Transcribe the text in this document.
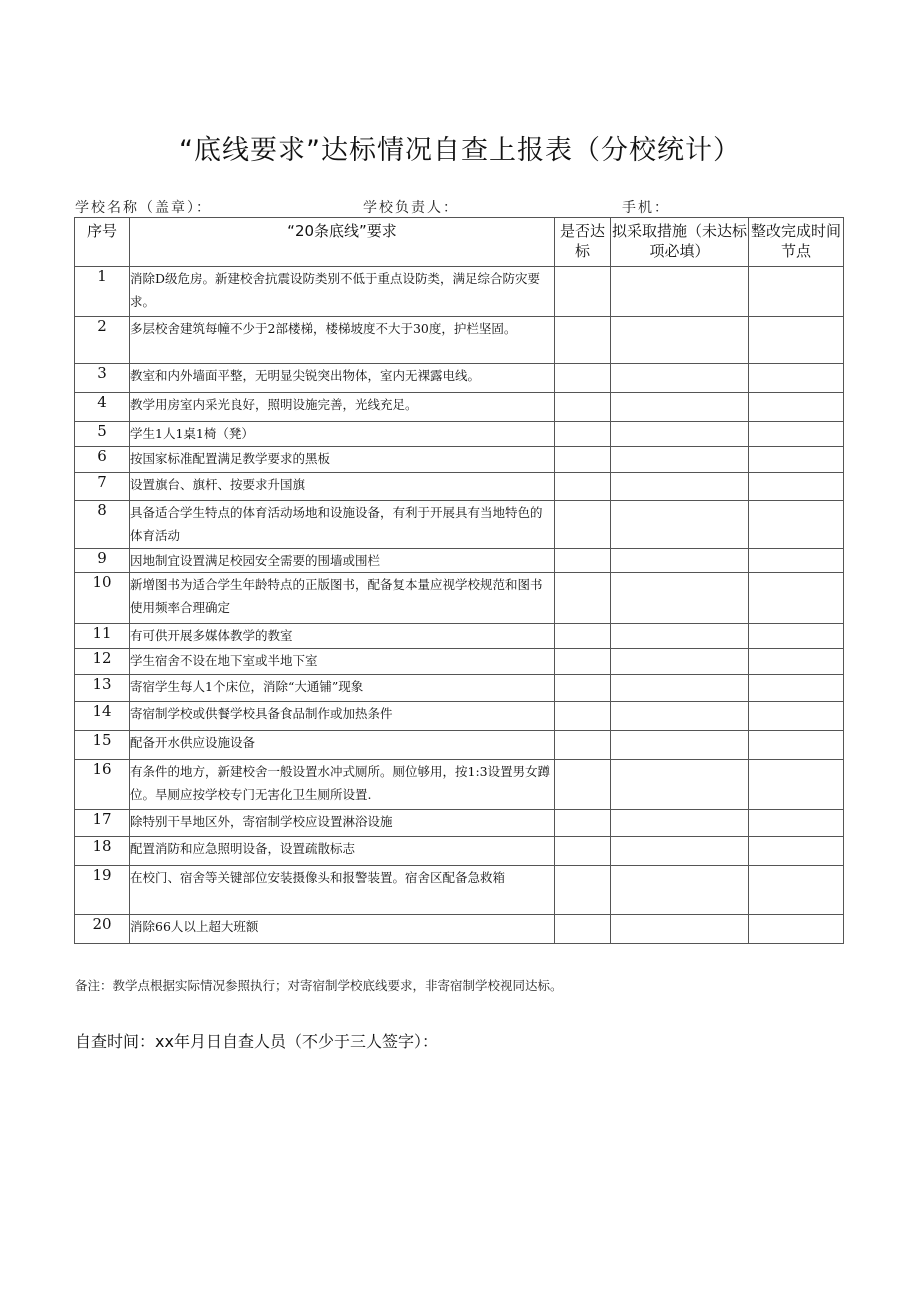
“底线要求”达标情况自查上报表（分校统计）
学校名称（盖章）：	学校负责人：	手机：
序号	“20条底线”要求	是否达标	拟采取措施（未达标项必填）	整改完成时间节点
1	消除D级危房。新建校舍抗震设防类别不低于重点设防类，满足综合防灾要求。			
2	多层校舍建筑每幢不少于2部楼梯，楼梯坡度不大于30度，护栏坚固。			
3	教室和内外墙面平整，无明显尖锐突出物体，室内无裸露电线。			
4	教学用房室内采光良好，照明设施完善，光线充足。			
5	学生1人1桌1椅（凳）			
6	按国家标准配置满足教学要求的黑板			
7	设置旗台、旗杆、按要求升国旗			
8	具备适合学生特点的体育活动场地和设施设备，有利于开展具有当地特色的体育活动			
9	因地制宜设置满足校园安全需要的围墙或围栏			
10	新增图书为适合学生年龄特点的正版图书，配备复本量应视学校规范和图书使用频率合理确定			
11	有可供开展多媒体教学的教室			
12	学生宿舍不设在地下室或半地下室			
13	寄宿学生每人1个床位，消除“大通铺”现象			
14	寄宿制学校或供餐学校具备食品制作或加热条件			
15	配备开水供应设施设备			
16	有条件的地方，新建校舍一般设置水冲式厕所。厕位够用，按1:3设置男女蹲位。旱厕应按学校专门无害化卫生厕所设置.			
17	除特别干旱地区外，寄宿制学校应设置淋浴设施			
18	配置消防和应急照明设备，设置疏散标志			
19	在校门、宿舍等关键部位安装摄像头和报警装置。宿舍区配备急救箱			
20	消除66人以上超大班额			
备注：教学点根据实际情况参照执行；对寄宿制学校底线要求，非寄宿制学校视同达标。
自查时间：xx年月日自查人员（不少于三人签字）：
